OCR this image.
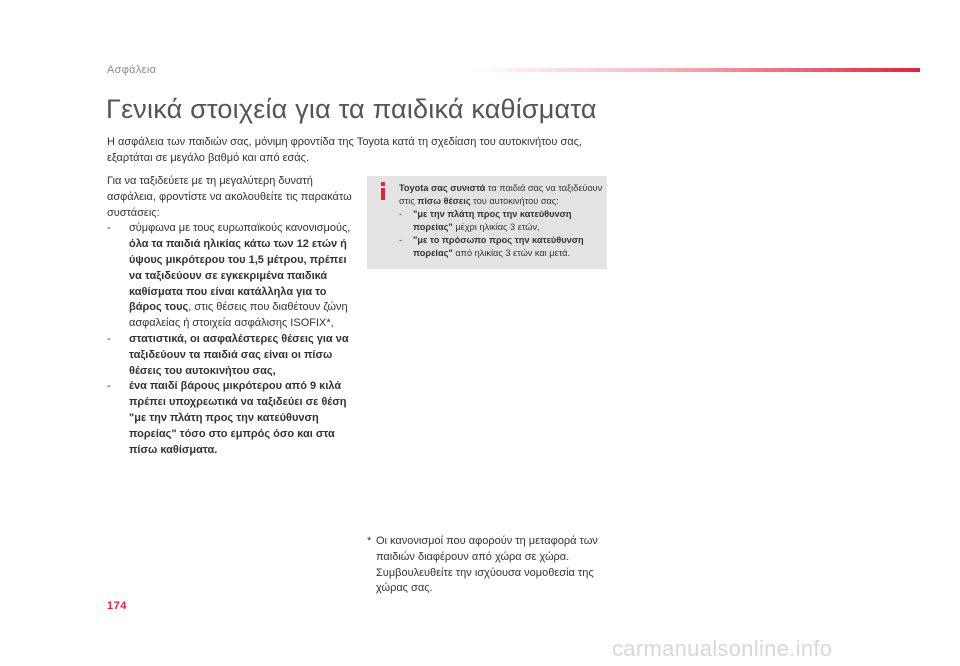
Ασφάλεια
Γενικά στοιχεία για τα παιδικά καθίσματα
Η ασφάλεια των παιδιών σας, μόνιμη φροντίδα της Toyota κατά τη σχεδίαση του αυτοκινήτου σας, εξαρτάται σε μεγάλο βαθμό και από εσάς.
Για να ταξιδεύετε με τη μεγαλύτερη δυνατή ασφάλεια, φροντίστε να ακολουθείτε τις παρακάτω συστάσεις:
- σύμφωνα με τους ευρωπαϊκούς κανονισμούς, όλα τα παιδιά ηλικίας κάτω των 12 ετών ή ύψους μικρότερου του 1,5 μέτρου, πρέπει να ταξιδεύουν σε εγκεκριμένα παιδικά καθίσματα που είναι κατάλληλα για το βάρος τους, στις θέσεις που διαθέτουν ζώνη ασφαλείας ή στοιχεία ασφάλισης ISOFIX*,
- στατιστικά, οι ασφαλέστερες θέσεις για να ταξιδεύουν τα παιδιά σας είναι οι πίσω θέσεις του αυτοκινήτου σας,
- ένα παιδί βάρους μικρότερου από 9 κιλά πρέπει υποχρεωτικά να ταξιδεύει σε θέση "με την πλάτη προς την κατεύθυνση πορείας" τόσο στο εμπρός όσο και στα πίσω καθίσματα.
Toyota σας συνιστά τα παιδιά σας να ταξιδεύουν στις πίσω θέσεις του αυτοκινήτου σας:
- "με την πλάτη προς την κατεύθυνση πορείας" μέχρι ηλικίας 3 ετών,
- "με το πρόσωπο προς την κατεύθυνση πορείας" από ηλικίας 3 ετών και μετά.
* Οι κανονισμοί που αφορούν τη μεταφορά των παιδιών διαφέρουν από χώρα σε χώρα. Συμβουλευθείτε την ισχύουσα νομοθεσία της χώρας σας.
174
carmanualsonline.info
